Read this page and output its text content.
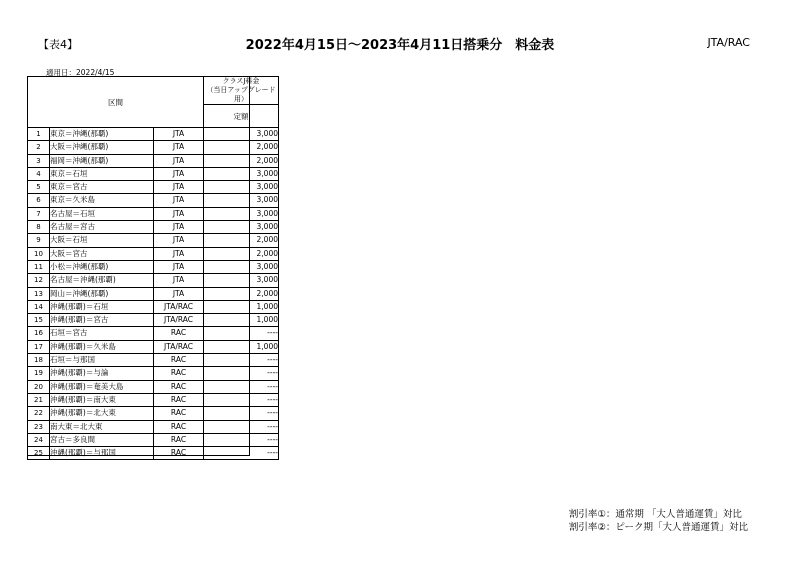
【表4】	2022年4月15日～2023年4月11日搭乗分　料金表	JTA/RAC
適用日：2022/4/15
区間			クラスJ料金
（当日アップグレード用）
			定額
1	東京＝沖縄(那覇)	JTA	3,000
2	大阪＝沖縄(那覇)	JTA	2,000
3	福岡＝沖縄(那覇)	JTA	2,000
4	東京＝石垣	JTA	3,000
5	東京＝宮古	JTA	3,000
6	東京＝久米島	JTA	3,000
7	名古屋＝石垣	JTA	3,000
8	名古屋＝宮古	JTA	3,000
9	大阪＝石垣	JTA	2,000
10	大阪＝宮古	JTA	2,000
11	小松＝沖縄(那覇)	JTA	3,000
12	名古屋＝沖縄(那覇)	JTA	3,000
13	岡山＝沖縄(那覇)	JTA	2,000
14	沖縄(那覇)＝石垣	JTA/RAC	1,000
15	沖縄(那覇)＝宮古	JTA/RAC	1,000
16	石垣＝宮古	RAC	----
17	沖縄(那覇)＝久米島	JTA/RAC	1,000
18	石垣＝与那国	RAC	----
19	沖縄(那覇)＝与論	RAC	----
20	沖縄(那覇)＝奄美大島	RAC	----
21	沖縄(那覇)＝南大東	RAC	----
22	沖縄(那覇)＝北大東	RAC	----
23	南大東＝北大東	RAC	----
24	宮古＝多良間	RAC	----
25	沖縄(那覇)＝与那国	RAC	----
割引率①：通常期 「大人普通運賃」対比
割引率②：ピーク期「大人普通運賃」対比
